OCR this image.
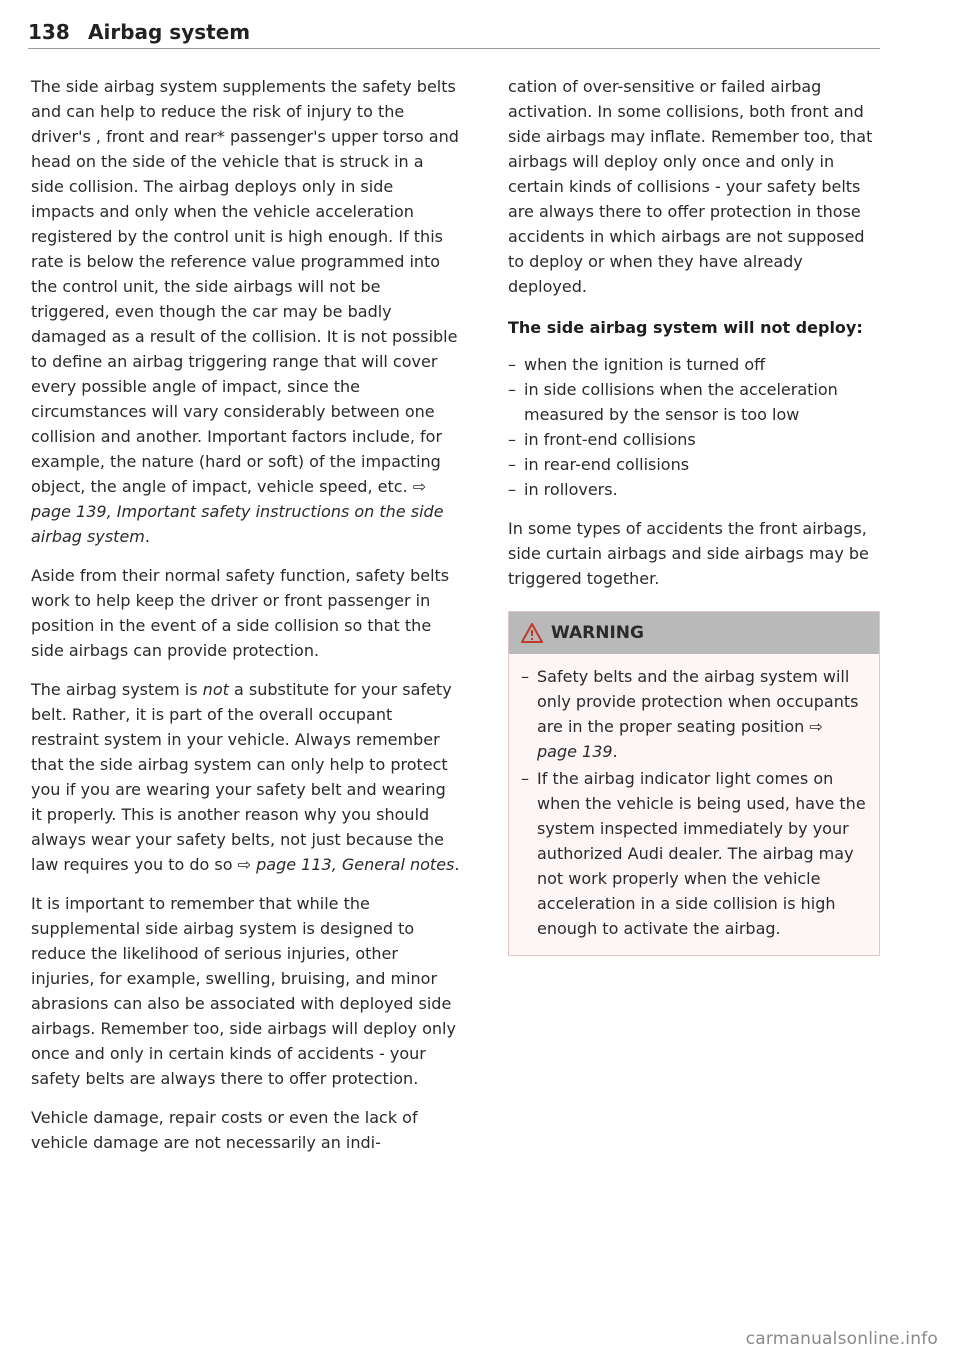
138 Airbag system

The side airbag system supplements the safety belts and can help to reduce the risk of injury to the driver's , front and rear* passenger's upper torso and head on the side of the vehicle that is struck in a side collision. The airbag deploys only in side impacts and only when the vehicle acceleration registered by the control unit is high enough. If this rate is below the reference value programmed into the control unit, the side airbags will not be triggered, even though the car may be badly damaged as a result of the collision. It is not possible to define an airbag triggering range that will cover every possible angle of impact, since the circumstances will vary considerably between one collision and another. Important factors include, for example, the nature (hard or soft) of the impacting object, the angle of impact, vehicle speed, etc. ⇨ page 139, Important safety instructions on the side airbag system.

Aside from their normal safety function, safety belts work to help keep the driver or front passenger in position in the event of a side collision so that the side airbags can provide protection.

The airbag system is not a substitute for your safety belt. Rather, it is part of the overall occupant restraint system in your vehicle. Always remember that the side airbag system can only help to protect you if you are wearing your safety belt and wearing it properly. This is another reason why you should always wear your safety belts, not just because the law requires you to do so ⇨ page 113, General notes.

It is important to remember that while the supplemental side airbag system is designed to reduce the likelihood of serious injuries, other injuries, for example, swelling, bruising, and minor abrasions can also be associated with deployed side airbags. Remember too, side airbags will deploy only once and only in certain kinds of accidents - your safety belts are always there to offer protection.

Vehicle damage, repair costs or even the lack of vehicle damage are not necessarily an indi-

cation of over-sensitive or failed airbag activation. In some collisions, both front and side airbags may inflate. Remember too, that airbags will deploy only once and only in certain kinds of collisions - your safety belts are always there to offer protection in those accidents in which airbags are not supposed to deploy or when they have already deployed.

The side airbag system will not deploy:
– when the ignition is turned off
– in side collisions when the acceleration measured by the sensor is too low
– in front-end collisions
– in rear-end collisions
– in rollovers.

In some types of accidents the front airbags, side curtain airbags and side airbags may be triggered together.

WARNING
– Safety belts and the airbag system will only provide protection when occupants are in the proper seating position ⇨ page 139.
– If the airbag indicator light comes on when the vehicle is being used, have the system inspected immediately by your authorized Audi dealer. The airbag may not work properly when the vehicle acceleration in a side collision is high enough to activate the airbag.
carmanualsonline.info
